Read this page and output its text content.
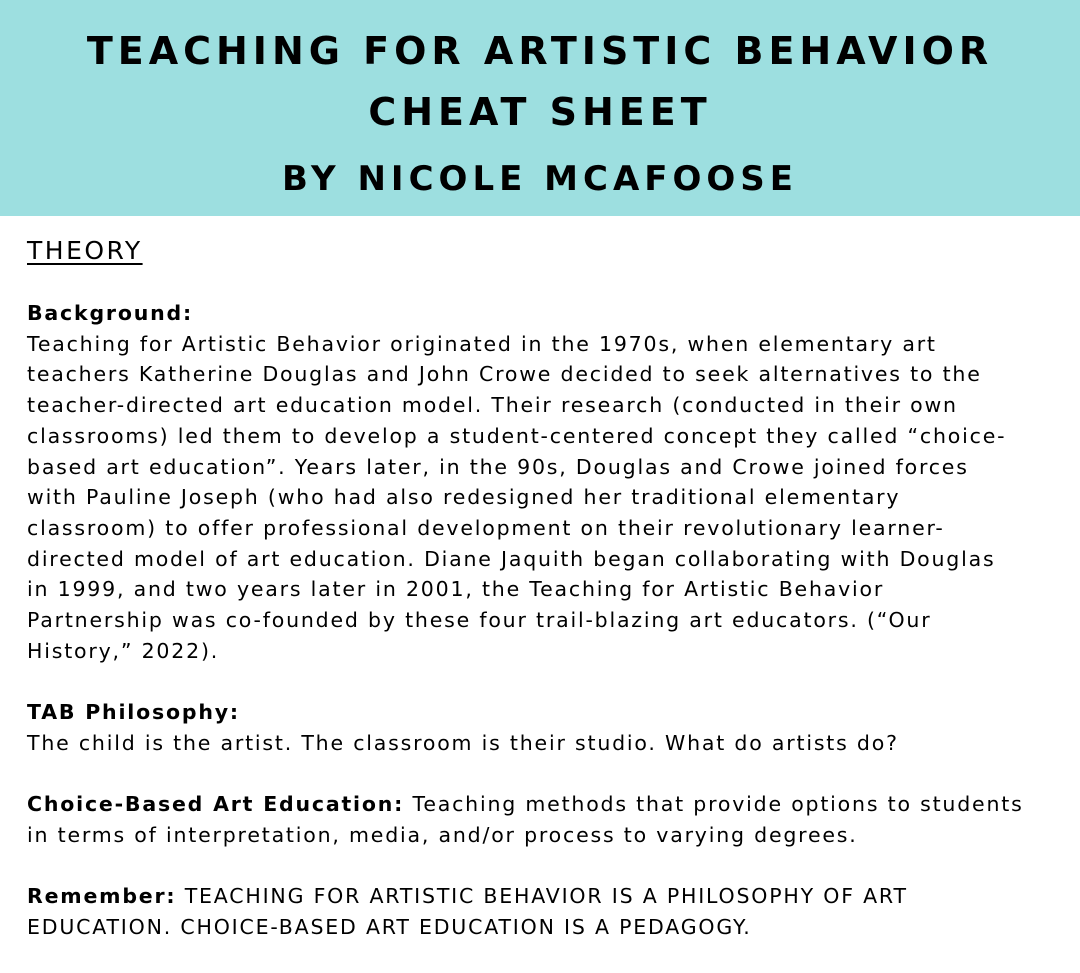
TEACHING FOR ARTISTIC BEHAVIOR
CHEAT SHEET
BY NICOLE MCAFOOSE
THEORY
Background:
Teaching for Artistic Behavior originated in the 1970s, when elementary art
teachers Katherine Douglas and John Crowe decided to seek alternatives to the
teacher-directed art education model. Their research (conducted in their own
classrooms) led them to develop a student-centered concept they called “choice-
based art education”. Years later, in the 90s, Douglas and Crowe joined forces
with Pauline Joseph (who had also redesigned her traditional elementary
classroom) to offer professional development on their revolutionary learner-
directed model of art education. Diane Jaquith began collaborating with Douglas
in 1999, and two years later in 2001, the Teaching for Artistic Behavior
Partnership was co-founded by these four trail-blazing art educators. (“Our
History,” 2022).
TAB Philosophy:
The child is the artist. The classroom is their studio. What do artists do?
Choice-Based Art Education: Teaching methods that provide options to students
in terms of interpretation, media, and/or process to varying degrees.
Remember: TEACHING FOR ARTISTIC BEHAVIOR IS A PHILOSOPHY OF ART
EDUCATION. CHOICE-BASED ART EDUCATION IS A PEDAGOGY.
